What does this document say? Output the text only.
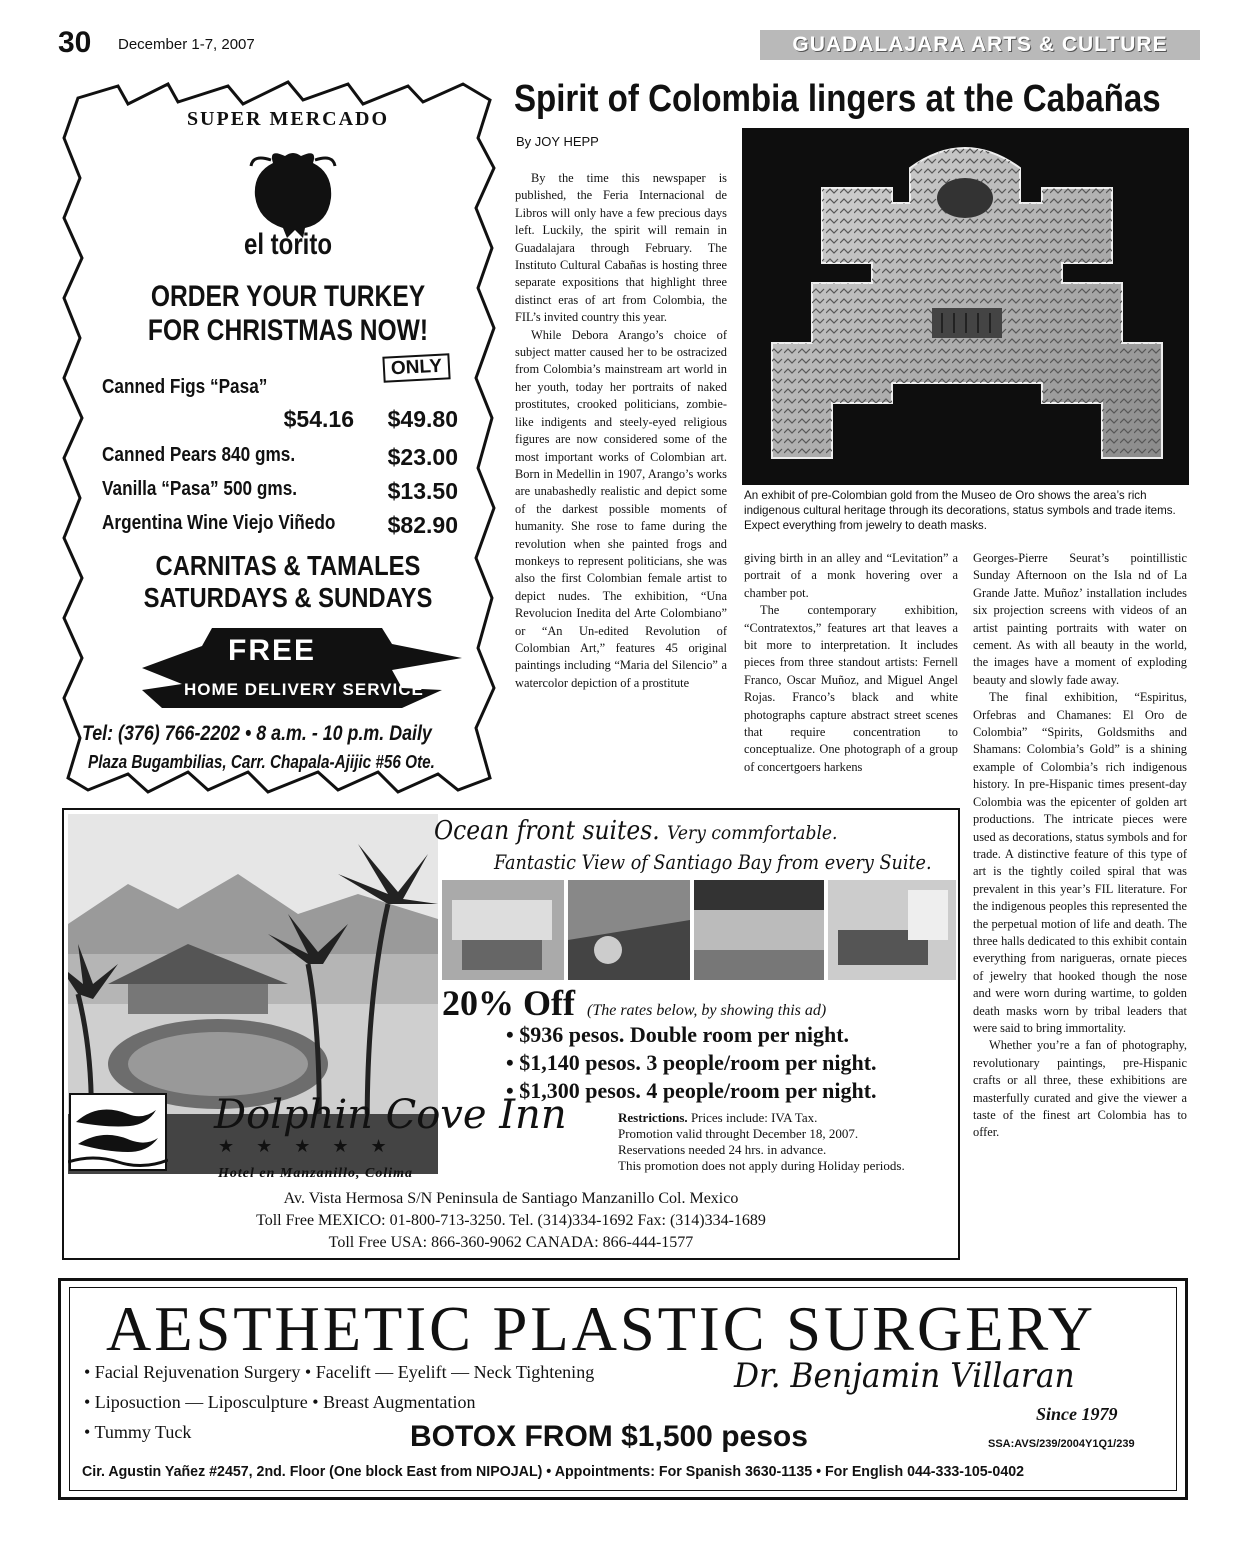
30 December 1-7, 2007	GUADALAJARA ARTS & CULTURE
SUPER MERCADO
el torito
ORDER YOUR TURKEY
FOR CHRISTMAS NOW!
ONLY
Canned Figs “Pasa”
$54.16 $49.80
Canned Pears 840 gms.	$23.00
Vanilla “Pasa” 500 gms.	$13.50
Argentina Wine Viejo Viñedo $82.90
CARNITAS & TAMALES
SATURDAYS & SUNDAYS
FREE
HOME DELIVERY SERVICE
Tel: (376) 766-2202 • 8 a.m. - 10 p.m. Daily
Plaza Bugambilias, Carr. Chapala-Ajijic #56 Ote.
Spirit of Colombia lingers at the Cabañas
By JOY HEPP

By the time this newspaper is published, the Feria Internacional de Libros will only have a few precious days left. Luckily, the spirit will remain in Guadalajara through February. The Instituto Cultural Cabañas is hosting three separate expositions that highlight three distinct eras of art from Colombia, the FIL’s invited country this year.

While Debora Arango’s choice of subject matter caused her to be ostracized from Colombia’s mainstream art world in her youth, today her portraits of naked prostitutes, crooked politicians, zombie-like indigents and steely-eyed religious figures are now considered some of the most important works of Colombian art. Born in Medellin in 1907, Arango’s works are unabashedly realistic and depict some of the darkest possible moments of humanity. She rose to fame during the revolution when she painted frogs and monkeys to represent politicians, she was also the first Colombian female artist to depict nudes. The exhibition, “Una Revolucion Inedita del Arte Colombiano” or “An Un-edited Revolution of Colombian Art,” features 45 original paintings including “Maria del Silencio” a watercolor depiction of a prostitute

An exhibit of pre-Colombian gold from the Museo de Oro shows the area’s rich indigenous cultural heritage through its decorations, status symbols and trade items. Expect everything from jewelry to death masks.

giving birth in an alley and “Levitation” a portrait of a monk hovering over a chamber pot.

The contemporary exhibition, “Contratextos,” features art that leaves a bit more to interpretation. It includes pieces from three standout artists: Fernell Franco, Oscar Muñoz, and Miguel Angel Rojas. Franco’s black and white photographs capture abstract street scenes that require concentration to conceptualize. One photograph of a group of concertgoers harkens

Georges-Pierre Seurat’s pointillistic Sunday Afternoon on the Isla nd of La Grande Jatte. Muñoz’ installation includes six projection screens with videos of an artist painting portraits with water on cement. As with all beauty in the world, the images have a moment of exploding beauty and slowly fade away.

The final exhibition, “Espiritus, Orfebras and Chamanes: El Oro de Colombia” “Spirits, Goldsmiths and Shamans: Colombia’s Gold” is a shining example of Colombia’s rich indigenous history. In pre-Hispanic times present-day Colombia was the epicenter of golden art productions. The intricate pieces were used as decorations, status symbols and for trade. A distinctive feature of this type of art is the tightly coiled spiral that was prevalent in this year’s FIL literature. For the indigenous peoples this represented the the perpetual motion of life and death. The three halls dedicated to this exhibit contain everything from narigueras, ornate pieces of jewelry that hooked though the nose and were worn during wartime, to golden death masks worn by tribal leaders that were said to bring immortality.

Whether you’re a fan of photography, revolutionary paintings, pre-Hispanic crafts or all three, these exhibitions are masterfully curated and give the viewer a taste of the finest art Colombia has to offer.

Ocean front suites. Very commfortable.
Fantastic View of Santiago Bay from every Suite.
20% Off (The rates below, by showing this ad)
• $936 pesos. Double room per night.
• $1,140 pesos. 3 people/room per night.
• $1,300 pesos. 4 people/room per night.
Restrictions. Prices include: IVA Tax.
Promotion valid throught December 18, 2007.
Reservations needed 24 hrs. in advance.
This promotion does not apply during Holiday periods.
Dolphin Cove Inn
★★★★★
Hotel en Manzanillo, Colima
Av. Vista Hermosa S/N Peninsula de Santiago Manzanillo Col. Mexico
Toll Free MEXICO: 01-800-713-3250. Tel. (314)334-1692 Fax: (314)334-1689
Toll Free USA: 866-360-9062 CANADA: 866-444-1577
AESTHETIC PLASTIC SURGERY
• Facial Rejuvenation Surgery • Facelift — Eyelift — Neck Tightening
• Liposuction — Liposculpture • Breast Augmentation
• Tummy Tuck
Dr. Benjamin Villaran
Since 1979
BOTOX FROM $1,500 pesos	SSA:AVS/239/2004Y1Q1/239
Cir. Agustin Yañez #2457, 2nd. Floor (One block East from NIPOJAL) • Appointments: For Spanish 3630-1135 • For English 044-333-105-0402
